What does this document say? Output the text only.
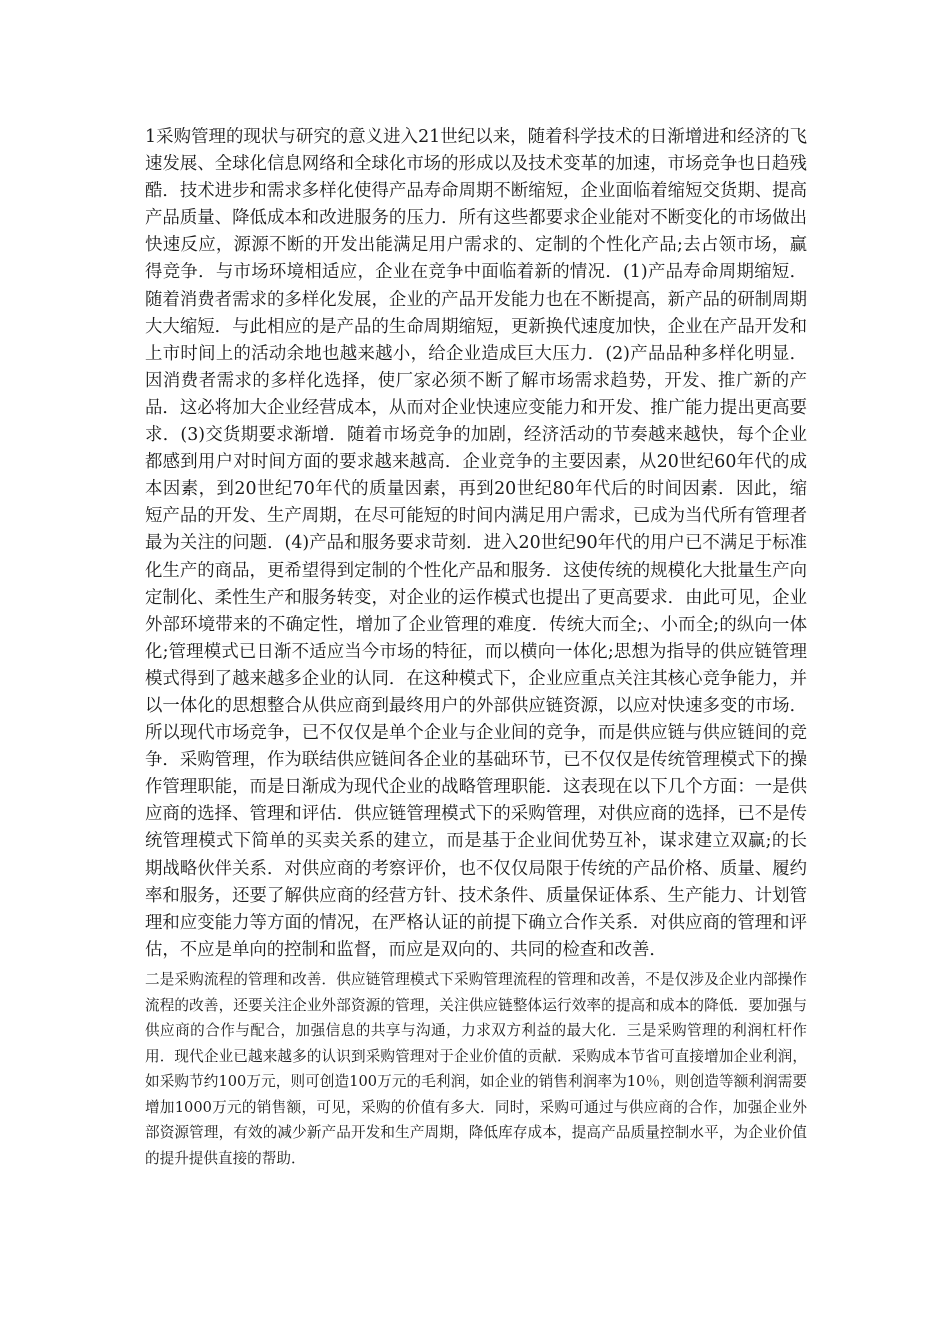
1采购管理的现状与研究的意义进入21世纪以来，随着科学技术的日渐增进和经济的飞速发展、全球化信息网络和全球化市场的形成以及技术变革的加速，市场竞争也日趋残酷．技术进步和需求多样化使得产品寿命周期不断缩短，企业面临着缩短交货期、提高产品质量、降低成本和改进服务的压力．所有这些都要求企业能对不断变化的市场做出快速反应，源源不断的开发出能满足用户需求的、定制的个性化产品;去占领市场，赢得竞争．与市场环境相适应，企业在竞争中面临着新的情况．(1)产品寿命周期缩短．随着消费者需求的多样化发展，企业的产品开发能力也在不断提高，新产品的研制周期大大缩短．与此相应的是产品的生命周期缩短，更新换代速度加快，企业在产品开发和上市时间上的活动余地也越来越小，给企业造成巨大压力．(2)产品品种多样化明显．因消费者需求的多样化选择，使厂家必须不断了解市场需求趋势，开发、推广新的产品．这必将加大企业经营成本，从而对企业快速应变能力和开发、推广能力提出更高要求．(3)交货期要求渐增．随着市场竞争的加剧，经济活动的节奏越来越快，每个企业都感到用户对时间方面的要求越来越高．企业竞争的主要因素，从20世纪60年代的成本因素，到20世纪70年代的质量因素，再到20世纪80年代后的时间因素．因此，缩短产品的开发、生产周期，在尽可能短的时间内满足用户需求，已成为当代所有管理者最为关注的问题．(4)产品和服务要求苛刻．进入20世纪90年代的用户已不满足于标准化生产的商品，更希望得到定制的个性化产品和服务．这使传统的规模化大批量生产向定制化、柔性生产和服务转变，对企业的运作模式也提出了更高要求．由此可见，企业外部环境带来的不确定性，增加了企业管理的难度．传统大而全;、小而全;的纵向一体化;管理模式已日渐不适应当今市场的特征，而以横向一体化;思想为指导的供应链管理模式得到了越来越多企业的认同．在这种模式下，企业应重点关注其核心竞争能力，并以一体化的思想整合从供应商到最终用户的外部供应链资源，以应对快速多变的市场．所以现代市场竞争，已不仅仅是单个企业与企业间的竞争，而是供应链与供应链间的竞争．采购管理，作为联结供应链间各企业的基础环节，已不仅仅是传统管理模式下的操作管理职能，而是日渐成为现代企业的战略管理职能．这表现在以下几个方面：一是供应商的选择、管理和评估．供应链管理模式下的采购管理，对供应商的选择，已不是传统管理模式下简单的买卖关系的建立，而是基于企业间优势互补，谋求建立双赢;的长期战略伙伴关系．对供应商的考察评价，也不仅仅局限于传统的产品价格、质量、履约率和服务，还要了解供应商的经营方针、技术条件、质量保证体系、生产能力、计划管理和应变能力等方面的情况，在严格认证的前提下确立合作关系．对供应商的管理和评估，不应是单向的控制和监督，而应是双向的、共同的检查和改善．

二是采购流程的管理和改善．供应链管理模式下采购管理流程的管理和改善，不是仅涉及企业内部操作流程的改善，还要关注企业外部资源的管理，关注供应链整体运行效率的提高和成本的降低．要加强与供应商的合作与配合，加强信息的共享与沟通，力求双方利益的最大化．三是采购管理的利润杠杆作用．现代企业已越来越多的认识到采购管理对于企业价值的贡献．采购成本节省可直接增加企业利润，如采购节约100万元，则可创造100万元的毛利润，如企业的销售利润率为10％，则创造等额利润需要增加1000万元的销售额，可见，采购的价值有多大．同时，采购可通过与供应商的合作，加强企业外部资源管理，有效的减少新产品开发和生产周期，降低库存成本，提高产品质量控制水平，为企业价值的提升提供直接的帮助．
